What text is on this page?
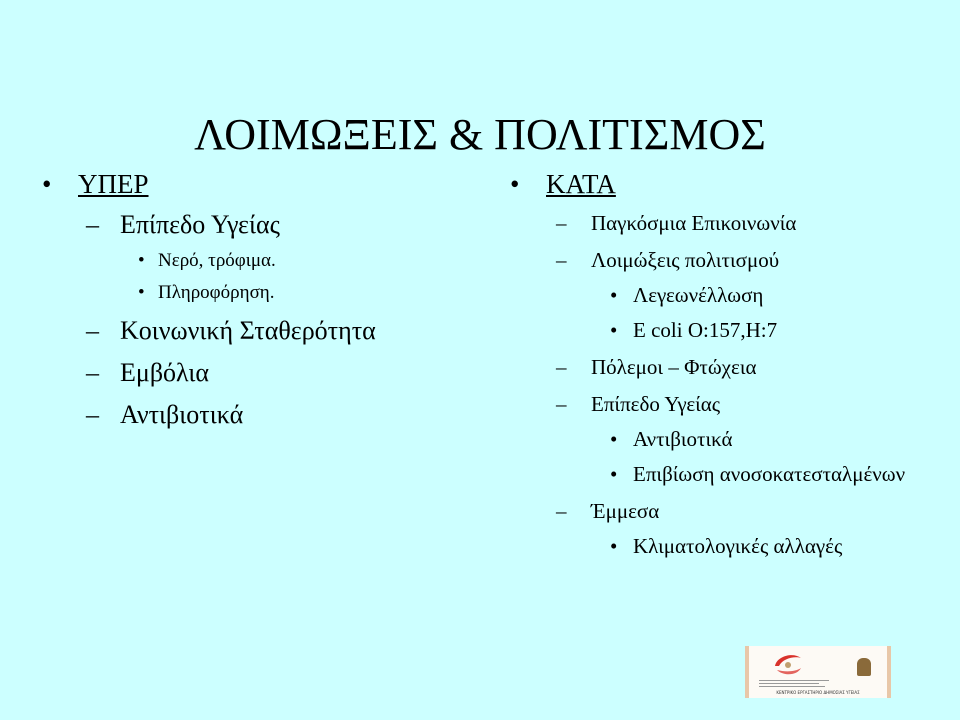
ΛΟΙΜΩΞΕΙΣ & ΠΟΛΙΤΙΣΜΟΣ
• ΥΠΕΡ
– Επίπεδο Υγείας
• Νερό, τρόφιμα.
• Πληροφόρηση.
– Κοινωνική Σταθερότητα
– Εμβόλια
– Αντιβιοτικά
• ΚΑΤΑ
– Παγκόσμια Επικοινωνία
– Λοιμώξεις πολιτισμού
• Λεγεωνέλλωση
• E coli O:157,H:7
– Πόλεμοι – Φτώχεια
– Επίπεδο Υγείας
• Αντιβιοτικά
• Επιβίωση ανοσοκατεσταλμένων
– Έμμεσα
• Κλιματολογικές αλλαγές
ΚΕΝΤΡΙΚΟ ΕΡΓΑΣΤΗΡΙΟ ΔΗΜΟΣΙΑΣ ΥΓΕΙΑΣ
